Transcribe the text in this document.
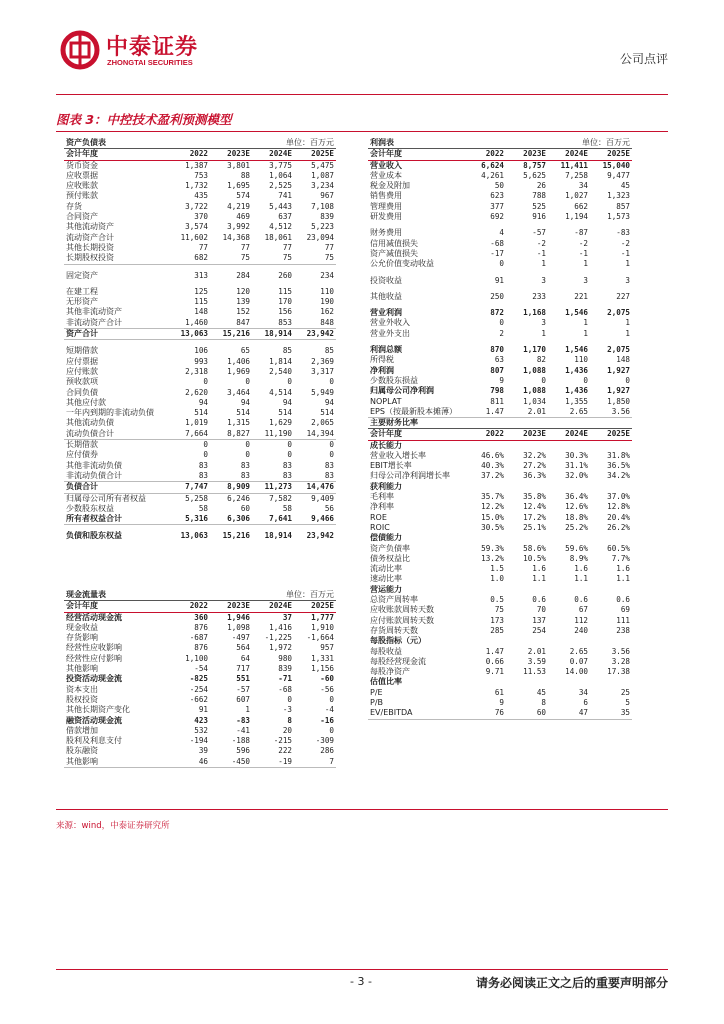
中泰证券
ZHONGTAI SECURITIES	公司点评
图表 3：中控技术盈利预测模型
资产负债表	单位：百万元			
会计年度	2022	2023E	2024E	2025E
货币资金	1,387	3,801	3,775	5,475
应收票据	753	88	1,064	1,087
应收账款	1,732	1,695	2,525	3,234
预付账款	435	574	741	967
存货	3,722	4,219	5,443	7,108
合同资产	370	469	637	839
其他流动资产	3,574	3,992	4,512	5,223
流动资产合计	11,602	14,368	18,061	23,094
其他长期投资	77	77	77	77
长期股权投资	682	75	75	75

固定资产	313	284	260	234

在建工程	125	120	115	110
无形资产	115	139	170	190
其他非流动资产	148	152	156	162
非流动资产合计	1,460	847	853	848
资产合计	13,063	15,216	18,914	23,942

短期借款	106	65	85	85
应付票据	993	1,406	1,814	2,369
应付账款	2,318	1,969	2,540	3,317
预收款项	0	0	0	0
合同负债	2,620	3,464	4,514	5,949
其他应付款	94	94	94	94
一年内到期的非流动负债	514	514	514	514
其他流动负债	1,019	1,315	1,629	2,065
流动负债合计	7,664	8,827	11,190	14,394
长期借款	0	0	0	0
应付债券	0	0	0	0
其他非流动负债	83	83	83	83
非流动负债合计	83	83	83	83
负债合计	7,747	8,909	11,273	14,476
归属母公司所有者权益	5,258	6,246	7,582	9,409
少数股东权益	58	60	58	56
所有者权益合计	5,316	6,306	7,641	9,466

负债和股东权益	13,063	15,216	18,914	23,942
现金流量表	单位：百万元			
会计年度	2022	2023E	2024E	2025E
经营活动现金流	360	1,946	37	1,777
现金收益	876	1,098	1,416	1,910
存货影响	-687	-497	-1,225	-1,664
经营性应收影响	876	564	1,972	957
经营性应付影响	1,100	64	980	1,331
其他影响	-54	717	839	1,156
投资活动现金流	-825	551	-71	-60
资本支出	-254	-57	-68	-56
股权投资	-662	607	0	0
其他长期资产变化	91	1	-3	-4
融资活动现金流	423	-83	8	-16
借款增加	532	-41	20	0
股利及利息支付	-194	-188	-215	-309
股东融资	39	596	222	286
其他影响	46	-450	-19	7
利润表	单位：百万元			
会计年度	2022	2023E	2024E	2025E
营业收入	6,624	8,757	11,411	15,040
营业成本	4,261	5,625	7,258	9,477
税金及附加	50	26	34	45
销售费用	623	788	1,027	1,323
管理费用	377	525	662	857
研发费用	692	916	1,194	1,573

财务费用	4	-57	-87	-83
信用减值损失	-68	-2	-2	-2
资产减值损失	-17	-1	-1	-1
公允价值变动收益	0	1	1	1

投资收益	91	3	3	3

其他收益	250	233	221	227

营业利润	872	1,168	1,546	2,075
营业外收入	0	3	1	1
营业外支出	2	1	1	1

利润总额	870	1,170	1,546	2,075
所得税	63	82	110	148
净利润	807	1,088	1,436	1,927
少数股东损益	9	0	0	0
归属母公司净利润	798	1,088	1,436	1,927
NOPLAT	811	1,034	1,355	1,850
EPS（按最新股本摊薄）	1.47	2.01	2.65	3.56
主要财务比率				
会计年度	2022	2023E	2024E	2025E
成长能力				
营业收入增长率	46.6%	32.2%	30.3%	31.8%
EBIT增长率	40.3%	27.2%	31.1%	36.5%
归母公司净利润增长率	37.2%	36.3%	32.0%	34.2%
获利能力				
毛利率	35.7%	35.8%	36.4%	37.0%
净利率	12.2%	12.4%	12.6%	12.8%
ROE	15.0%	17.2%	18.8%	20.4%
ROIC	30.5%	25.1%	25.2%	26.2%
偿债能力				
资产负债率	59.3%	58.6%	59.6%	60.5%
债务权益比	13.2%	10.5%	8.9%	7.7%
流动比率	1.5	1.6	1.6	1.6
速动比率	1.0	1.1	1.1	1.1
营运能力				
总资产周转率	0.5	0.6	0.6	0.6
应收账款周转天数	75	70	67	69
应付账款周转天数	173	137	112	111
存货周转天数	285	254	240	238
每股指标（元）				
每股收益	1.47	2.01	2.65	3.56
每股经营现金流	0.66	3.59	0.07	3.28
每股净资产	9.71	11.53	14.00	17.38
估值比率				
P/E	61	45	34	25
P/B	9	8	6	5
EV/EBITDA	76	60	47	35
来源：wind，中泰证券研究所
- 3 -	请务必阅读正文之后的重要声明部分
